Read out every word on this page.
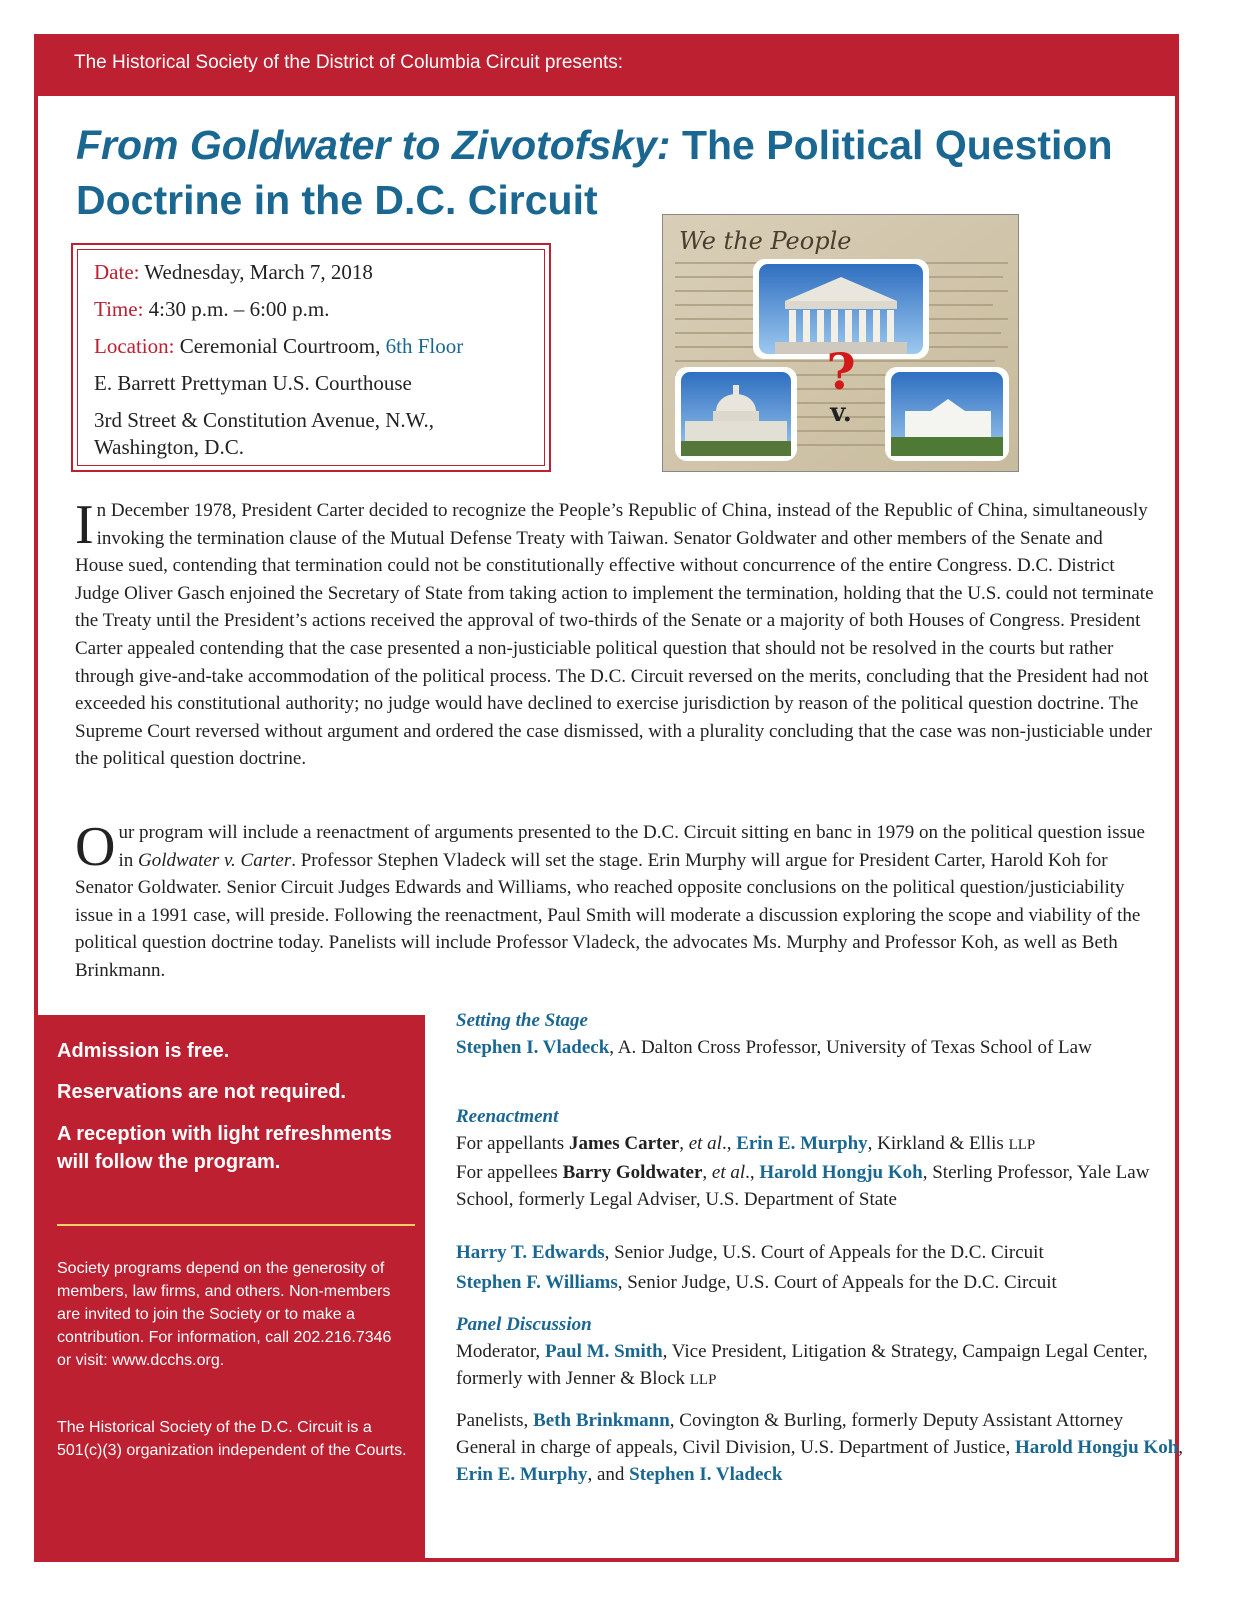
The Historical Society of the District of Columbia Circuit presents:
From Goldwater to Zivotofsky: The Political Question
Doctrine in the D.C. Circuit
Date: Wednesday, March 7, 2018
Time: 4:30 p.m. – 6:00 p.m.
Location: Ceremonial Courtroom, 6th Floor
E. Barrett Prettyman U.S. Courthouse
3rd Street & Constitution Avenue, N.W.,
Washington, D.C.
We the People
?
v.

In December 1978, President Carter decided to recognize the People’s Republic of China, instead of the Republic of China, simultaneously invoking the termination clause of the Mutual Defense Treaty with Taiwan. Senator Goldwater and other members of the Senate and House sued, contending that termination could not be constitutionally effective without concurrence of the entire Congress. D.C. District Judge Oliver Gasch enjoined the Secretary of State from taking action to implement the termination, holding that the U.S. could not terminate the Treaty until the President’s actions received the approval of two-thirds of the Senate or a majority of both Houses of Congress. President Carter appealed contending that the case presented a non-justiciable political question that should not be resolved in the courts but rather through give-and-take accommodation of the political process. The D.C. Circuit reversed on the merits, concluding that the President had not exceeded his constitutional authority; no judge would have declined to exercise jurisdiction by reason of the political question doctrine. The Supreme Court reversed without argument and ordered the case dismissed, with a plurality concluding that the case was non-justiciable under the political question doctrine.

Our program will include a reenactment of arguments presented to the D.C. Circuit sitting en banc in 1979 on the political question issue in Goldwater v. Carter. Professor Stephen Vladeck will set the stage. Erin Murphy will argue for President Carter, Harold Koh for Senator Goldwater. Senior Circuit Judges Edwards and Williams, who reached opposite conclusions on the political question/justiciability issue in a 1991 case, will preside. Following the reenactment, Paul Smith will moderate a discussion exploring the scope and viability of the political question doctrine today. Panelists will include Professor Vladeck, the advocates Ms. Murphy and Professor Koh, as well as Beth Brinkmann.

Admission is free.

Reservations are not required.

A reception with light refreshments will follow the program.

Society programs depend on the generosity of members, law firms, and others. Non-members are invited to join the Society or to make a contribution. For information, call 202.216.7346 or visit: www.dcchs.org.

The Historical Society of the D.C. Circuit is a 501(c)(3) organization independent of the Courts.

Setting the Stage
Stephen I. Vladeck, A. Dalton Cross Professor, University of Texas School of Law

Reenactment
For appellants James Carter, et al., Erin E. Murphy, Kirkland & Ellis LLP
For appellees Barry Goldwater, et al., Harold Hongju Koh, Sterling Professor, Yale Law School, formerly Legal Adviser, U.S. Department of State

Harry T. Edwards, Senior Judge, U.S. Court of Appeals for the D.C. Circuit
Stephen F. Williams, Senior Judge, U.S. Court of Appeals for the D.C. Circuit

Panel Discussion
Moderator, Paul M. Smith, Vice President, Litigation & Strategy, Campaign Legal Center, formerly with Jenner & Block LLP

Panelists, Beth Brinkmann, Covington & Burling, formerly Deputy Assistant Attorney General in charge of appeals, Civil Division, U.S. Department of Justice, Harold Hongju Koh, Erin E. Murphy, and Stephen I. Vladeck
